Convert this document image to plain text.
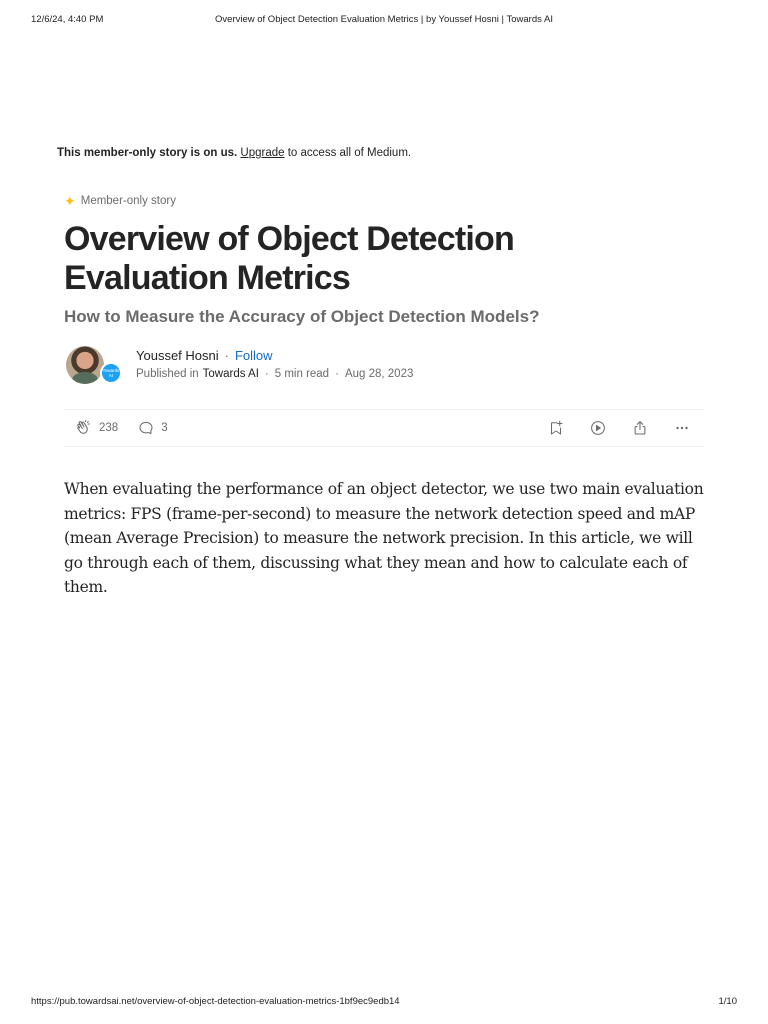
12/6/24, 4:40 PM	Overview of Object Detection Evaluation Metrics | by Youssef Hosni | Towards AI
This member-only story is on us. Upgrade to access all of Medium.
✦ Member-only story
Overview of Object Detection Evaluation Metrics
How to Measure the Accuracy of Object Detection Models?
Towards AI
Youssef Hosni · Follow
Published in Towards AI · 5 min read · Aug 28, 2023
238	3

When evaluating the performance of an object detector, we use two main evaluation metrics: FPS (frame-per-second) to measure the network detection speed and mAP (mean Average Precision) to measure the network precision. In this article, we will go through each of them, discussing what they mean and how to calculate each of them.

https://pub.towardsai.net/overview-of-object-detection-evaluation-metrics-1bf9ec9edb14	1/10
